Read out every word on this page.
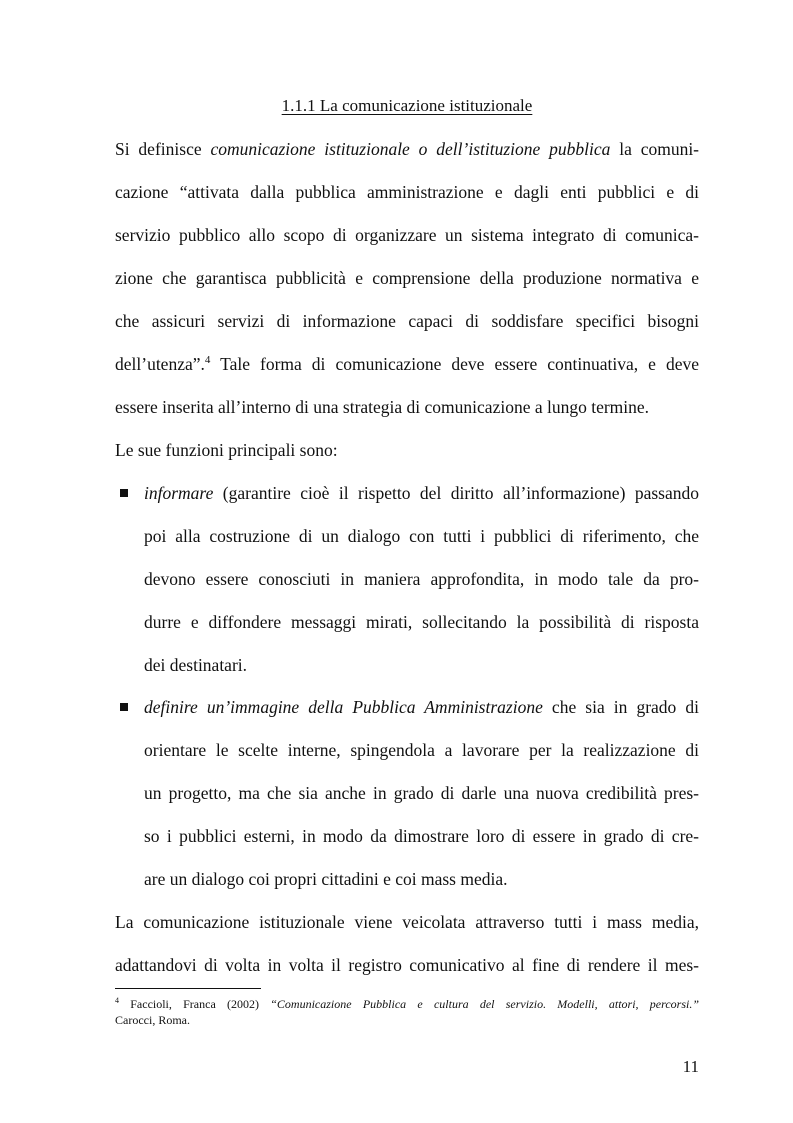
1.1.1 La comunicazione istituzionale
Si definisce comunicazione istituzionale o dell’istituzione pubblica la comuni-
cazione “attivata dalla pubblica amministrazione e dagli enti pubblici e di
servizio pubblico allo scopo di organizzare un sistema integrato di comunica-
zione che garantisca pubblicità e comprensione della produzione normativa e
che assicuri servizi di informazione capaci di soddisfare specifici bisogni
dell’utenza”.$^4$ Tale forma di comunicazione deve essere continuativa, e deve
essere inserita all’interno di una strategia di comunicazione a lungo termine.
Le sue funzioni principali sono:
informare (garantire cioè il rispetto del diritto all’informazione) passando
poi alla costruzione di un dialogo con tutti i pubblici di riferimento, che
devono essere conosciuti in maniera approfondita, in modo tale da pro-
durre e diffondere messaggi mirati, sollecitando la possibilità di risposta
dei destinatari.
definire un’immagine della Pubblica Amministrazione che sia in grado di
orientare le scelte interne, spingendola a lavorare per la realizzazione di
un progetto, ma che sia anche in grado di darle una nuova credibilità pres-
so i pubblici esterni, in modo da dimostrare loro di essere in grado di cre-
are un dialogo coi propri cittadini e coi mass media.
La comunicazione istituzionale viene veicolata attraverso tutti i mass media,
adattandovi di volta in volta il registro comunicativo al fine di rendere il mes-
$^4$ Faccioli, Franca (2002) “Comunicazione Pubblica e cultura del servizio. Modelli, attori, percorsi.”
Carocci, Roma.
11
